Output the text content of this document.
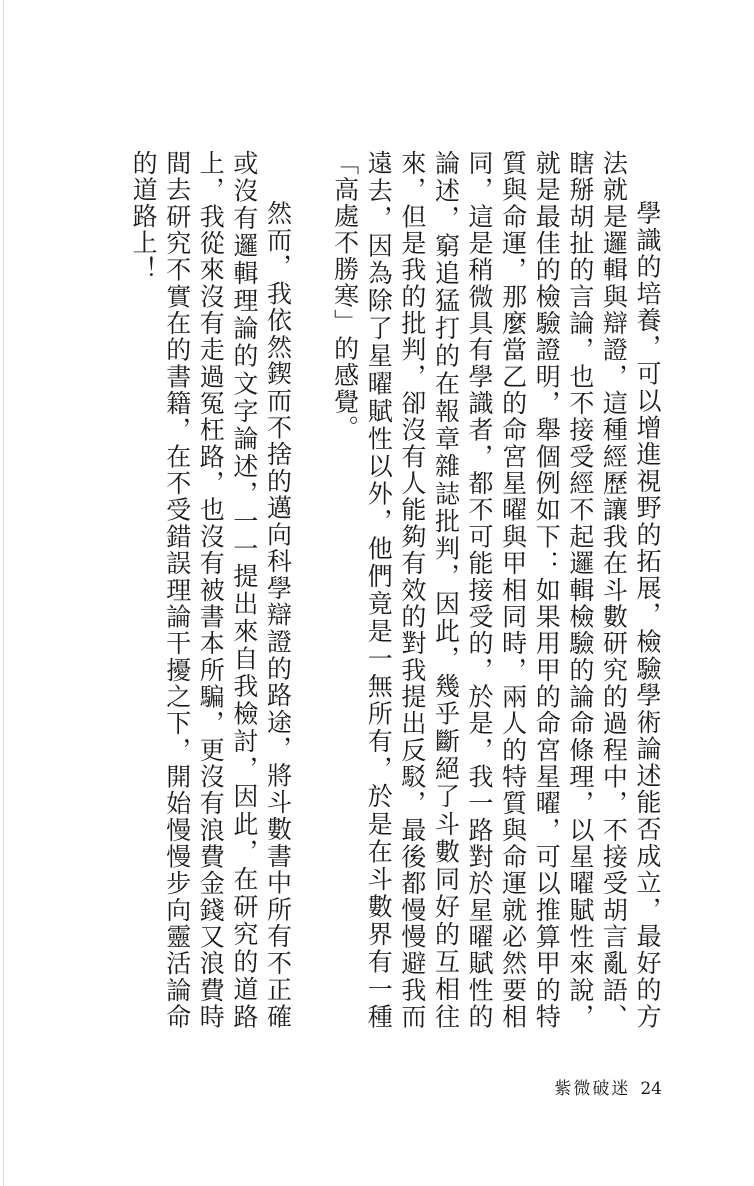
學識的培養，可以增進視野的拓展，檢驗學術論述能否成立，最好的方法就是邏輯與辯證，這種經歷讓我在斗數研究的過程中，不接受胡言亂語、瞎掰胡扯的言論，也不接受經不起邏輯檢驗的論命條理，以星曜賦性來說，就是最佳的檢驗證明，舉個例如下：如果用甲的命宮星曜，可以推算甲的特質與命運，那麼當乙的命宮星曜與甲相同時，兩人的特質與命運就必然要相同，這是稍微具有學識者，都不可能接受的，於是，我一路對於星曜賦性的論述，窮追猛打的在報章雜誌批判，因此，幾乎斷絕了斗數同好的互相往來，但是我的批判，卻沒有人能夠有效的對我提出反駁，最後都慢慢避我而遠去，因為除了星曜賦性以外，他們竟是一無所有，於是在斗數界有一種「高處不勝寒」的感覺。

然而，我依然鍥而不捨的邁向科學辯證的路途，將斗數書中所有不正確或沒有邏輯理論的文字論述，一一提出來自我檢討，因此，在研究的道路上，我從來沒有走過冤枉路，也沒有被書本所騙，更沒有浪費金錢又浪費時間去研究不實在的書籍，在不受錯誤理論干擾之下，開始慢慢步向靈活論命的道路上！

紫微破迷 24
